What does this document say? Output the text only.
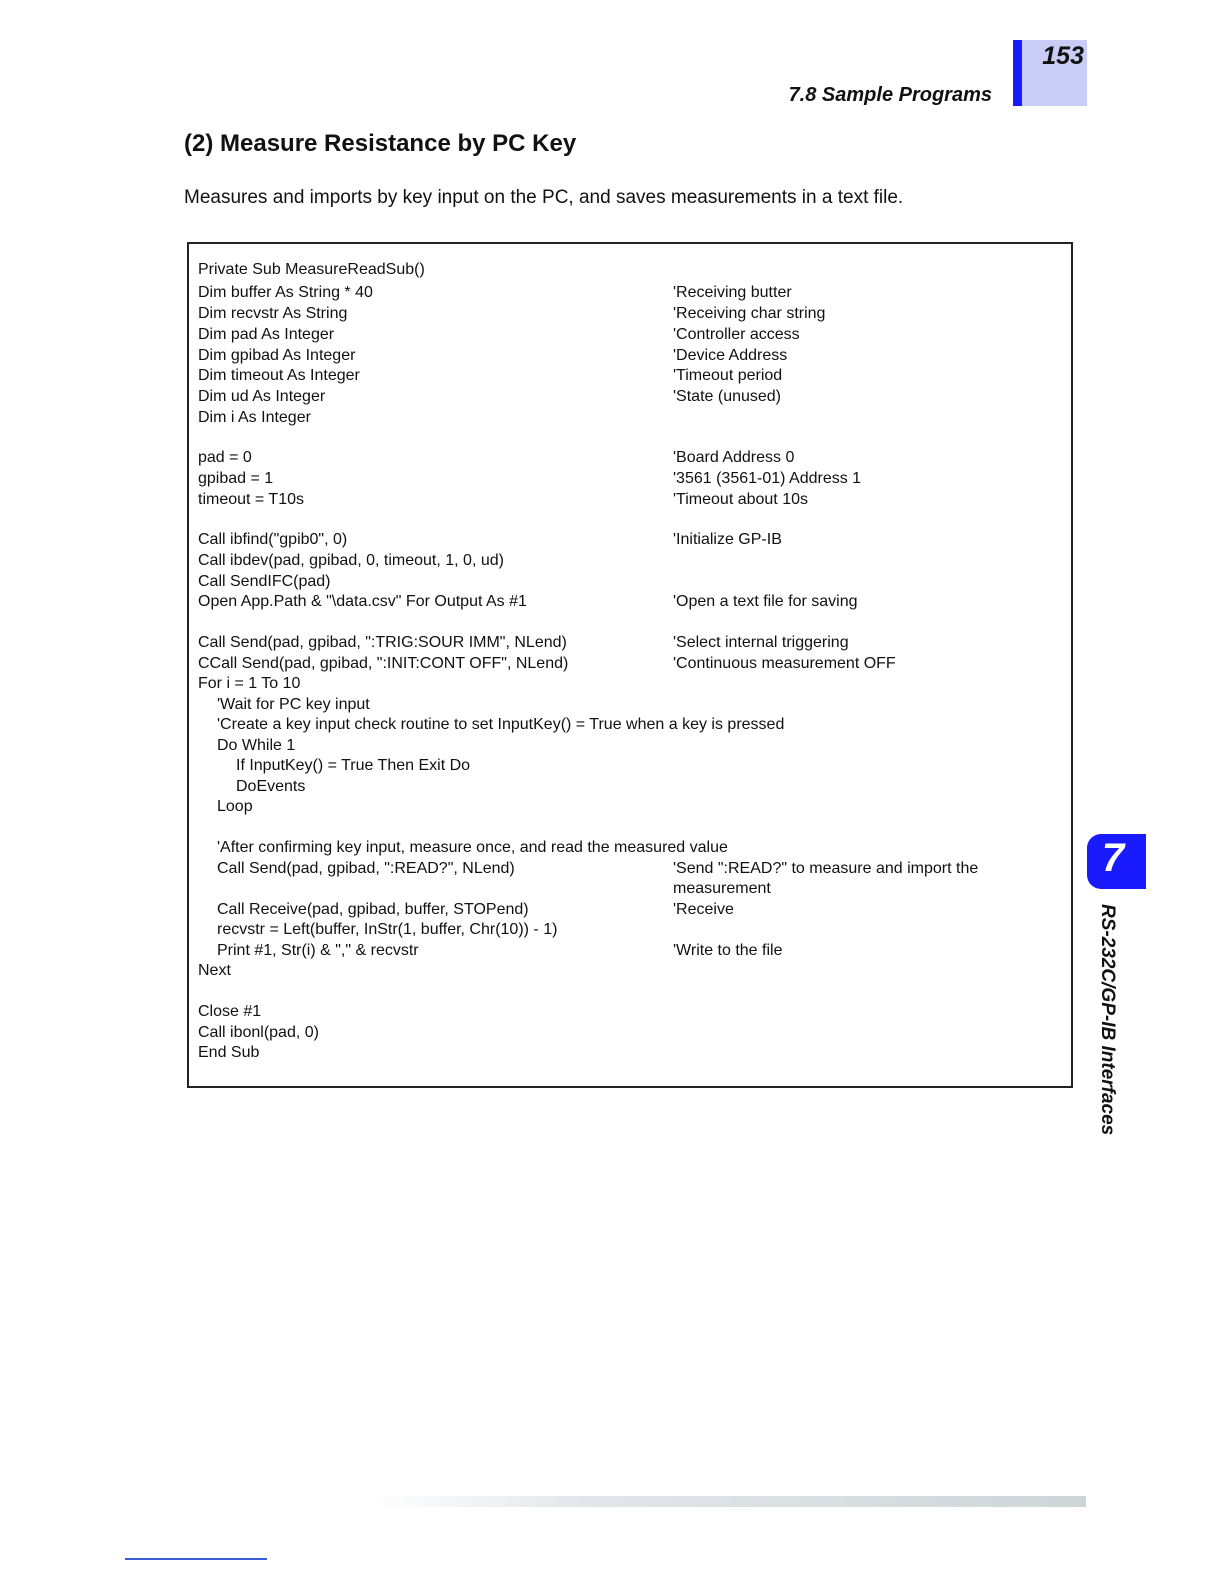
153
7.8 Sample Programs
(2) Measure Resistance by PC Key
Measures and imports by key input on the PC, and saves measurements in a text file.
Private Sub MeasureReadSub()
Dim buffer As String * 40
Dim recvstr As String
Dim pad As Integer
Dim gpibad As Integer
Dim timeout As Integer
Dim ud As Integer
Dim i As Integer
pad = 0
gpibad = 1
timeout = T10s
Call ibfind("gpib0", 0)
Call ibdev(pad, gpibad, 0, timeout, 1, 0, ud)
Call SendIFC(pad)
Open App.Path & "\data.csv" For Output As #1
Call Send(pad, gpibad, ":TRIG:SOUR IMM", NLend)
CCall Send(pad, gpibad, ":INIT:CONT OFF", NLend)
For i = 1 To 10
'Wait for PC key input
'Create a key input check routine to set InputKey() = True when a key is pressed
Do While 1
If InputKey() = True Then Exit Do
DoEvents
Loop
'After confirming key input, measure once, and read the measured value
Call Send(pad, gpibad, ":READ?", NLend)
Call Receive(pad, gpibad, buffer, STOPend)
recvstr = Left(buffer, InStr(1, buffer, Chr(10)) - 1)
Print #1, Str(i) & "," & recvstr
Next
Close #1
Call ibonl(pad, 0)
End Sub
'Receiving butter
'Receiving char string
'Controller access
'Device Address
'Timeout period
'State (unused)
'Board Address 0
'3561 (3561-01) Address 1
'Timeout about 10s
'Initialize GP-IB
'Open a text file for saving
'Select internal triggering
'Continuous measurement OFF
'Send ":READ?" to measure and import the
measurement
'Receive
'Write to the file
7
RS-232C/GP-IB Interfaces
